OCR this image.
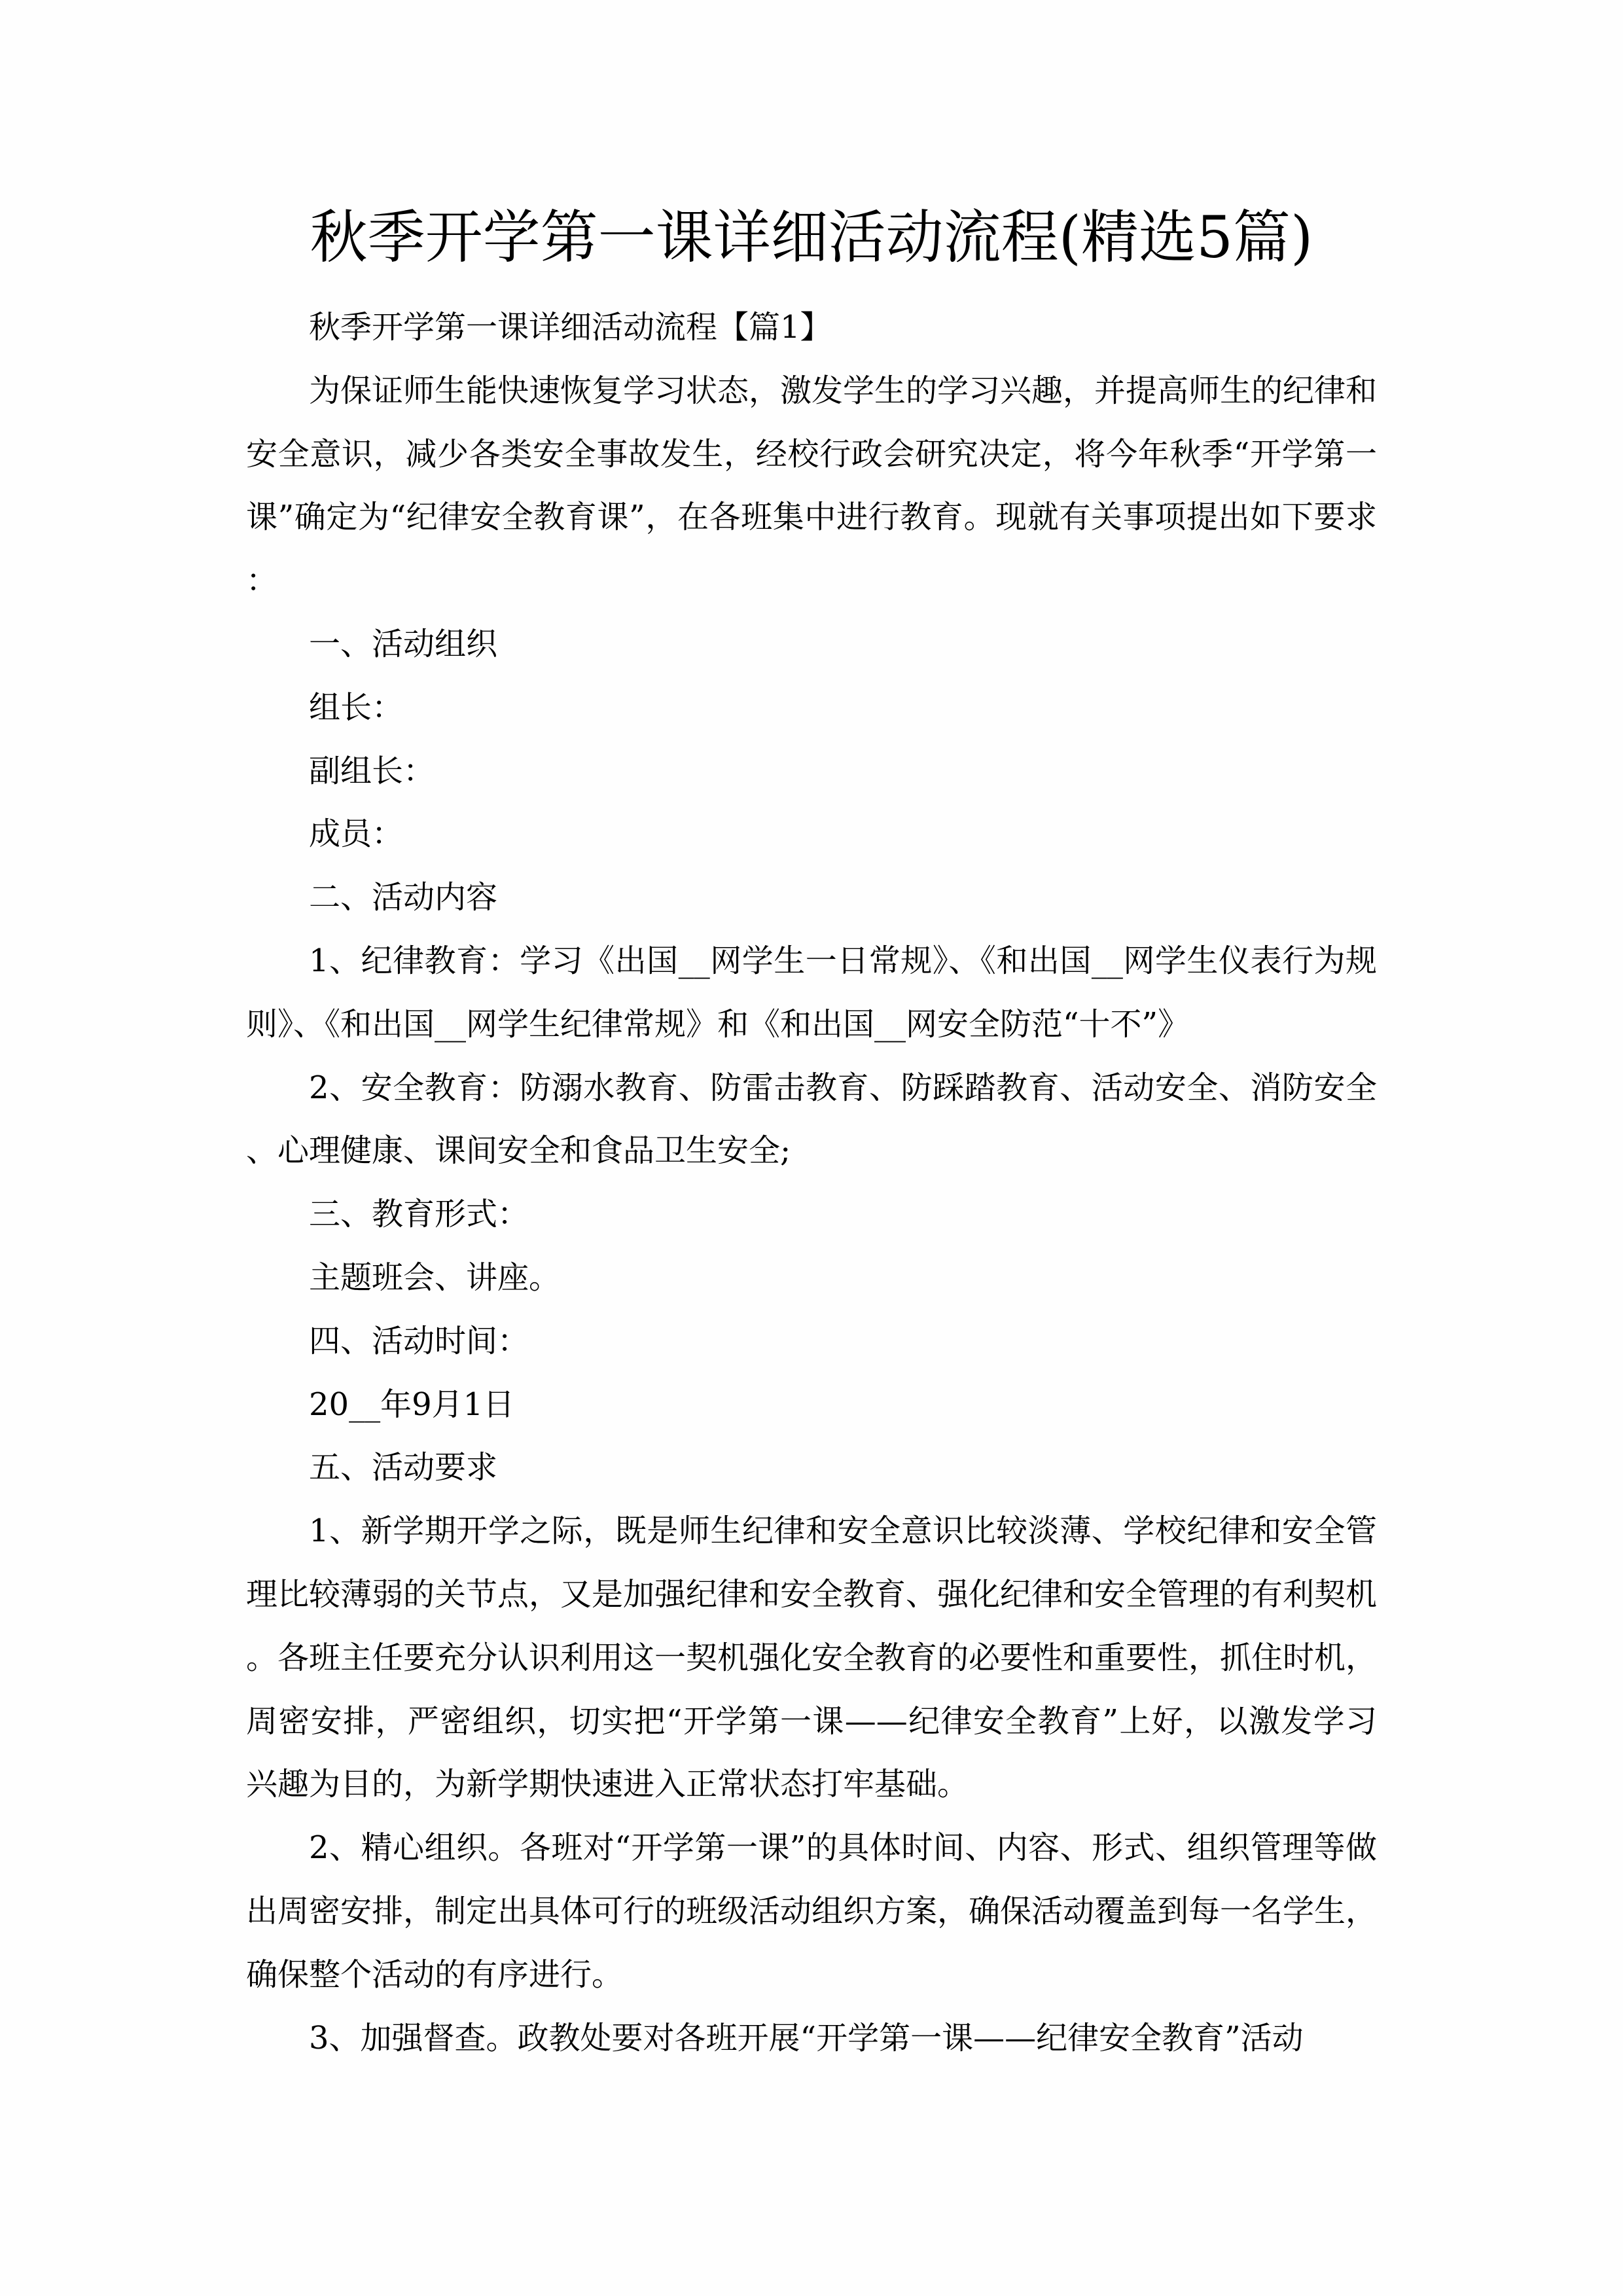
秋季开学第一课详细活动流程(精选5篇)

秋季开学第一课详细活动流程【篇1】

为保证师生能快速恢复学习状态，激发学生的学习兴趣，并提高师生的纪律和安全意识，减少各类安全事故发生，经校行政会研究决定，将今年秋季“开学第一课”确定为“纪律安全教育课”，在各班集中进行教育。现就有关事项提出如下要求：

一、活动组织

组长：

副组长：

成员：

二、活动内容

1、纪律教育：学习《出国__网学生一日常规》、《和出国__网学生仪表行为规则》、《和出国__网学生纪律常规》和《和出国__网安全防范“十不”》

2、安全教育：防溺水教育、防雷击教育、防踩踏教育、活动安全、消防安全、心理健康、课间安全和食品卫生安全;

三、教育形式：

主题班会、讲座。

四、活动时间：

20__年9月1日

五、活动要求

1、新学期开学之际，既是师生纪律和安全意识比较淡薄、学校纪律和安全管理比较薄弱的关节点，又是加强纪律和安全教育、强化纪律和安全管理的有利契机。各班主任要充分认识利用这一契机强化安全教育的必要性和重要性，抓住时机，周密安排，严密组织，切实把“开学第一课——纪律安全教育”上好，以激发学习兴趣为目的，为新学期快速进入正常状态打牢基础。

2、精心组织。各班对“开学第一课”的具体时间、内容、形式、组织管理等做出周密安排，制定出具体可行的班级活动组织方案，确保活动覆盖到每一名学生，确保整个活动的有序进行。

3、加强督查。政教处要对各班开展“开学第一课——纪律安全教育”活动
